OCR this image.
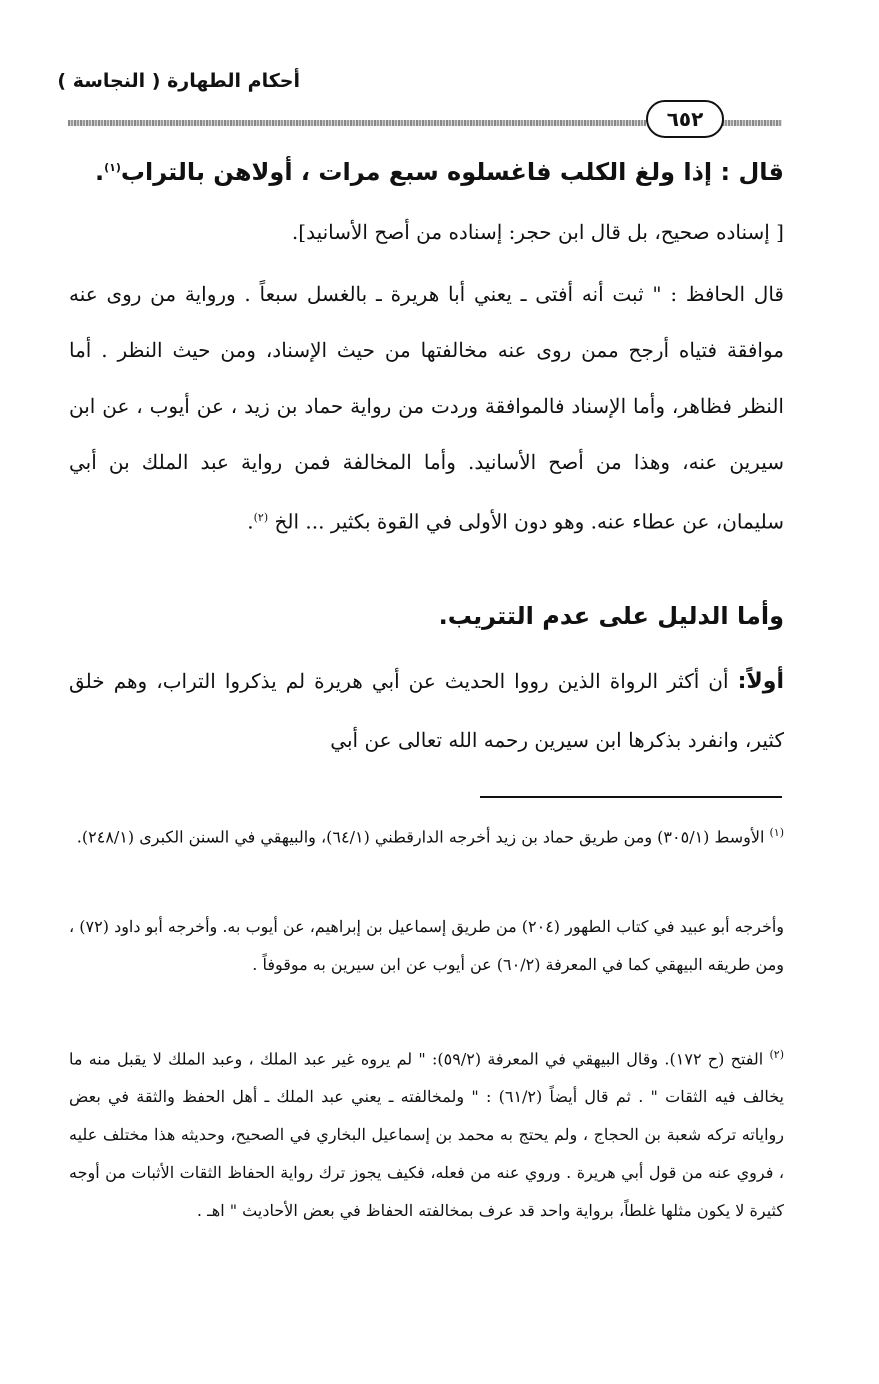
أحكام الطهارة ( النجاسة )
٦٥٢
قال : إذا ولغ الكلب فاغسلوه سبع مرات ، أولاهن بالتراب$^{(١)}$.
[ إسناده صحيح، بل قال ابن حجر: إسناده من أصح الأسانيد].
قال الحافظ : " ثبت أنه أفتى ـ يعني أبا هريرة ـ بالغسل سبعاً . ورواية من روى عنه موافقة فتياه أرجح ممن روى عنه مخالفتها من حيث الإسناد، ومن حيث النظر . أما النظر فظاهر، وأما الإسناد فالموافقة وردت من رواية حماد بن زيد ، عن أيوب ، عن ابن سيرين عنه، وهذا من أصح الأسانيد. وأما المخالفة فمن رواية عبد الملك بن أبي سليمان، عن عطاء عنه. وهو دون الأولى في القوة بكثير ... الخ $^{(٢)}$.
وأما الدليل على عدم التتريب.
أولاً: أن أكثر الرواة الذين رووا الحديث عن أبي هريرة لم يذكروا التراب، وهم خلق كثير، وانفرد بذكرها ابن سيرين رحمه الله تعالى عن أبي
$^{(١)}$ الأوسط (٣٠٥/١) ومن طريق حماد بن زيد أخرجه الدارقطني (٦٤/١)، والبيهقي في السنن الكبرى (٢٤٨/١).
وأخرجه أبو عبيد في كتاب الطهور (٢٠٤) من طريق إسماعيل بن إبراهيم، عن أيوب به. وأخرجه أبو داود (٧٢) ، ومن طريقه البيهقي كما في المعرفة (٦٠/٢) عن أيوب عن ابن سيرين به موقوفاً .
$^{(٢)}$ الفتح (ح ١٧٢). وقال البيهقي في المعرفة (٥٩/٢): " لم يروه غير عبد الملك ، وعبد الملك لا يقبل منه ما يخالف فيه الثقات " . ثم قال أيضاً (٦١/٢) : " ولمخالفته ـ يعني عبد الملك ـ أهل الحفظ والثقة في بعض رواياته تركه شعبة بن الحجاج ، ولم يحتج به محمد بن إسماعيل البخاري في الصحيح، وحديثه هذا مختلف عليه ، فروي عنه من قول أبي هريرة . وروي عنه من فعله، فكيف يجوز ترك رواية الحفاظ الثقات الأثبات من أوجه كثيرة لا يكون مثلها غلطاً، برواية واحد قد عرف بمخالفته الحفاظ في بعض الأحاديث " اهـ .
